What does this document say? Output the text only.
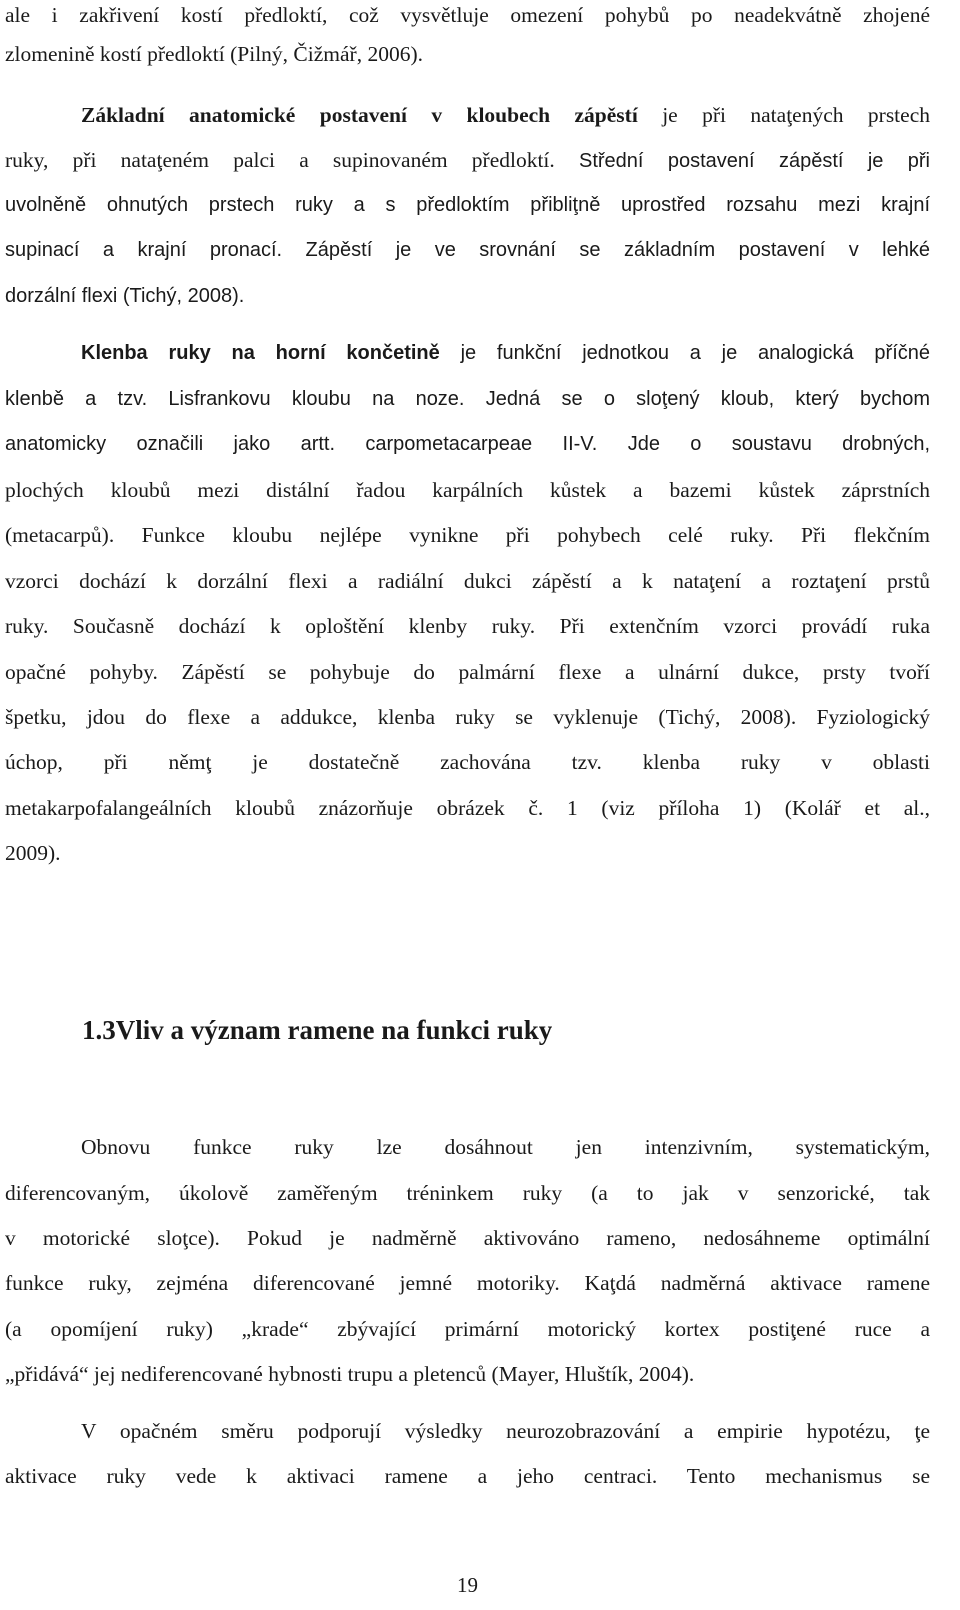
ale i zakřivení kostí předloktí, což vysvětluje omezení pohybů po neadekvátně zhojené
zlomenině kostí předloktí (Pilný, Čižmář, 2006).
Základní anatomické postavení v kloubech zápěstí je při nataţených prstech
ruky, při nataţeném palci a supinovaném předloktí. Střední postavení zápěstí je při
uvolněně ohnutých prstech ruky a s předloktím přibliţně uprostřed rozsahu mezi krajní
supinací a krajní pronací. Zápěstí je ve srovnání se základním postavení v lehké
dorzální flexi (Tichý, 2008).
Klenba ruky na horní končetině je funkční jednotkou a je analogická příčné
klenbě a tzv. Lisfrankovu kloubu na noze. Jedná se o sloţený kloub, který bychom
anatomicky označili jako artt. carpometacarpeae II-V. Jde o soustavu drobných,
plochých kloubů mezi distální řadou karpálních kůstek a bazemi kůstek záprstních
(metacarpů). Funkce kloubu nejlépe vynikne při pohybech celé ruky. Při flekčním
vzorci dochází k dorzální flexi a radiální dukci zápěstí a k nataţení a roztaţení prstů
ruky. Současně dochází k oploštění klenby ruky. Při extenčním vzorci provádí ruka
opačné pohyby. Zápěstí se pohybuje do palmární flexe a ulnární dukce, prsty tvoří
špetku, jdou do flexe a addukce, klenba ruky se vyklenuje (Tichý, 2008). Fyziologický
úchop, při němţ je dostatečně zachována tzv. klenba ruky v oblasti
metakarpofalangeálních kloubů znázorňuje obrázek č. 1 (viz příloha 1) (Kolář et al.,
2009).
1.3Vliv a význam ramene na funkci ruky
Obnovu funkce ruky lze dosáhnout jen intenzivním, systematickým,
diferencovaným, úkolově zaměřeným tréninkem ruky (a to jak v senzorické, tak
v motorické sloţce). Pokud je nadměrně aktivováno rameno, nedosáhneme optimální
funkce ruky, zejména diferencované jemné motoriky. Kaţdá nadměrná aktivace ramene
(a opomíjení ruky) „krade“ zbývající primární motorický kortex postiţené ruce a
„přidává“ jej nediferencované hybnosti trupu a pletenců (Mayer, Hluštík, 2004).
V opačném směru podporují výsledky neurozobrazování a empirie hypotézu, ţe
aktivace ruky vede k aktivaci ramene a jeho centraci. Tento mechanismus se
19
